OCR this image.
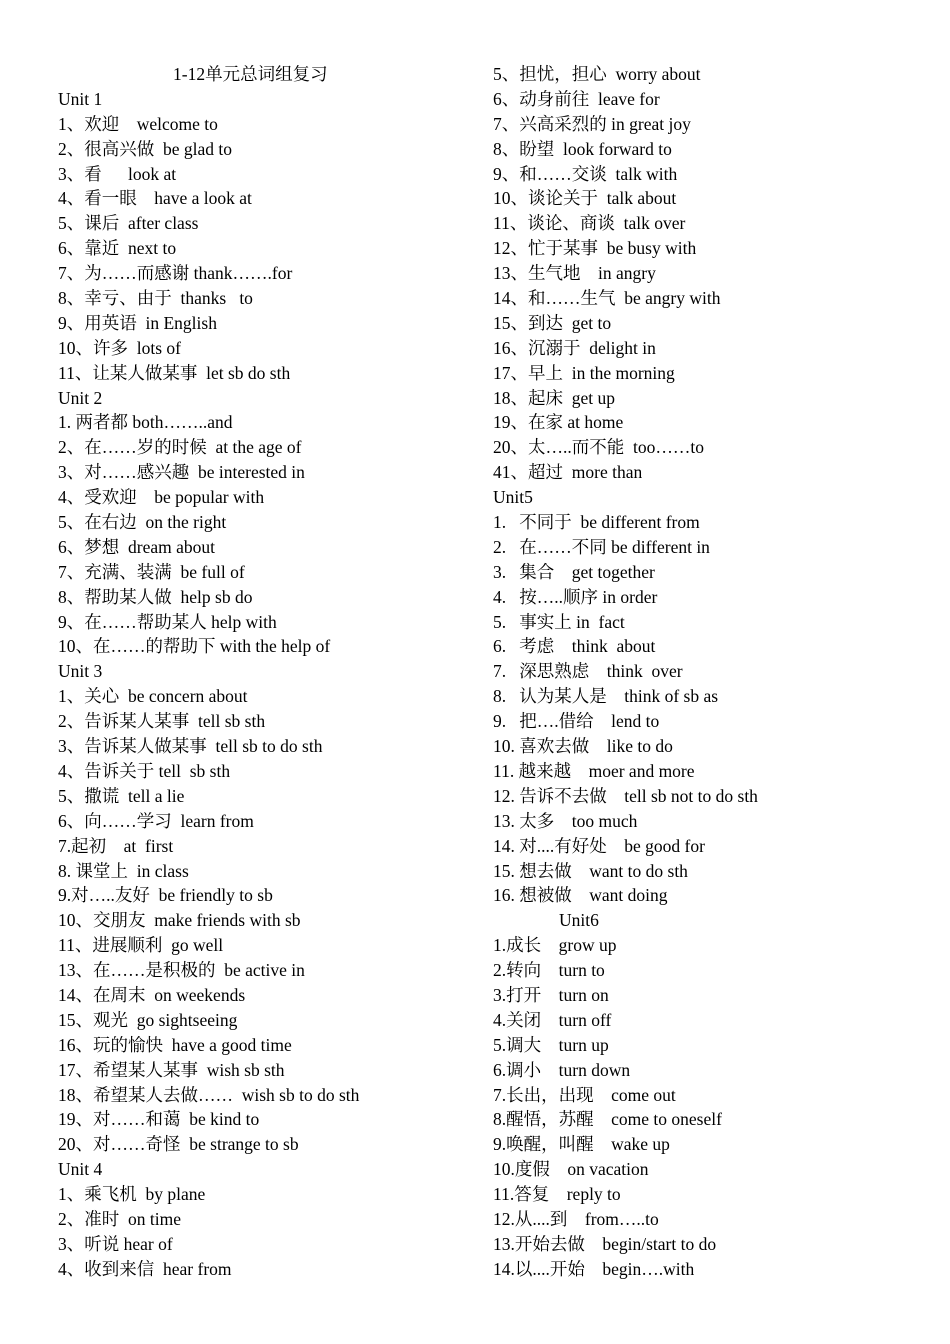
1-12单元总词组复习
Unit 1
1、欢迎    welcome to
2、很高兴做  be glad to
3、看      look at
4、看一眼    have a look at
5、课后  after class
6、靠近  next to
7、为……而感谢 thank…….for
8、幸亏、由于  thanks   to
9、用英语  in English
10、许多  lots of
11、让某人做某事  let sb do sth
Unit 2
1. 两者都 both……..and
2、在……岁的时候  at the age of
3、对……感兴趣  be interested in
4、受欢迎    be popular with
5、在右边  on the right
6、梦想  dream about
7、充满、装满  be full of
8、帮助某人做  help sb do
9、在……帮助某人 help with
10、在……的帮助下 with the help of
Unit 3
1、关心  be concern about
2、告诉某人某事  tell sb sth
3、告诉某人做某事  tell sb to do sth
4、告诉关于 tell  sb sth
5、撒谎  tell a lie
6、向……学习  learn from
7.起初    at  first
8. 课堂上  in class
9.对…..友好  be friendly to sb
10、交朋友  make friends with sb
11、进展顺利  go well
13、在……是积极的  be active in
14、在周末  on weekends
15、观光  go sightseeing
16、玩的愉快  have a good time
17、希望某人某事  wish sb sth
18、希望某人去做……  wish sb to do sth
19、对……和蔼  be kind to
20、对……奇怪  be strange to sb
Unit 4
1、乘飞机  by plane
2、准时  on time
3、听说 hear of
4、收到来信  hear from
5、担忧，担心  worry about
6、动身前往  leave for
7、兴高采烈的 in great joy
8、盼望  look forward to
9、和……交谈  talk with
10、谈论关于  talk about
11、谈论、商谈  talk over
12、忙于某事  be busy with
13、生气地    in angry
14、和……生气  be angry with
15、到达  get to
16、沉溺于  delight in
17、早上  in the morning
18、起床  get up
19、在家 at home
20、太…..而不能  too……to
41、超过  more than
Unit5
1.   不同于  be different from
2.   在……不同 be different in
3.   集合    get together
4.   按…..顺序 in order
5.   事实上 in  fact
6.   考虑    think  about
7.   深思熟虑    think  over
8.   认为某人是    think of sb as
9.   把….借给    lend to
10. 喜欢去做    like to do
11. 越来越    moer and more
12. 告诉不去做    tell sb not to do sth
13. 太多    too much
14. 对....有好处    be good for
15. 想去做    want to do sth
16. 想被做    want doing
Unit6
1.成长    grow up
2.转向    turn to
3.打开    turn on
4.关闭    turn off
5.调大    turn up
6.调小    turn down
7.长出，出现    come out
8.醒悟，苏醒    come to oneself
9.唤醒，叫醒    wake up
10.度假    on vacation
11.答复    reply to
12.从....到    from…..to
13.开始去做    begin/start to do
14.以....开始    begin….with
